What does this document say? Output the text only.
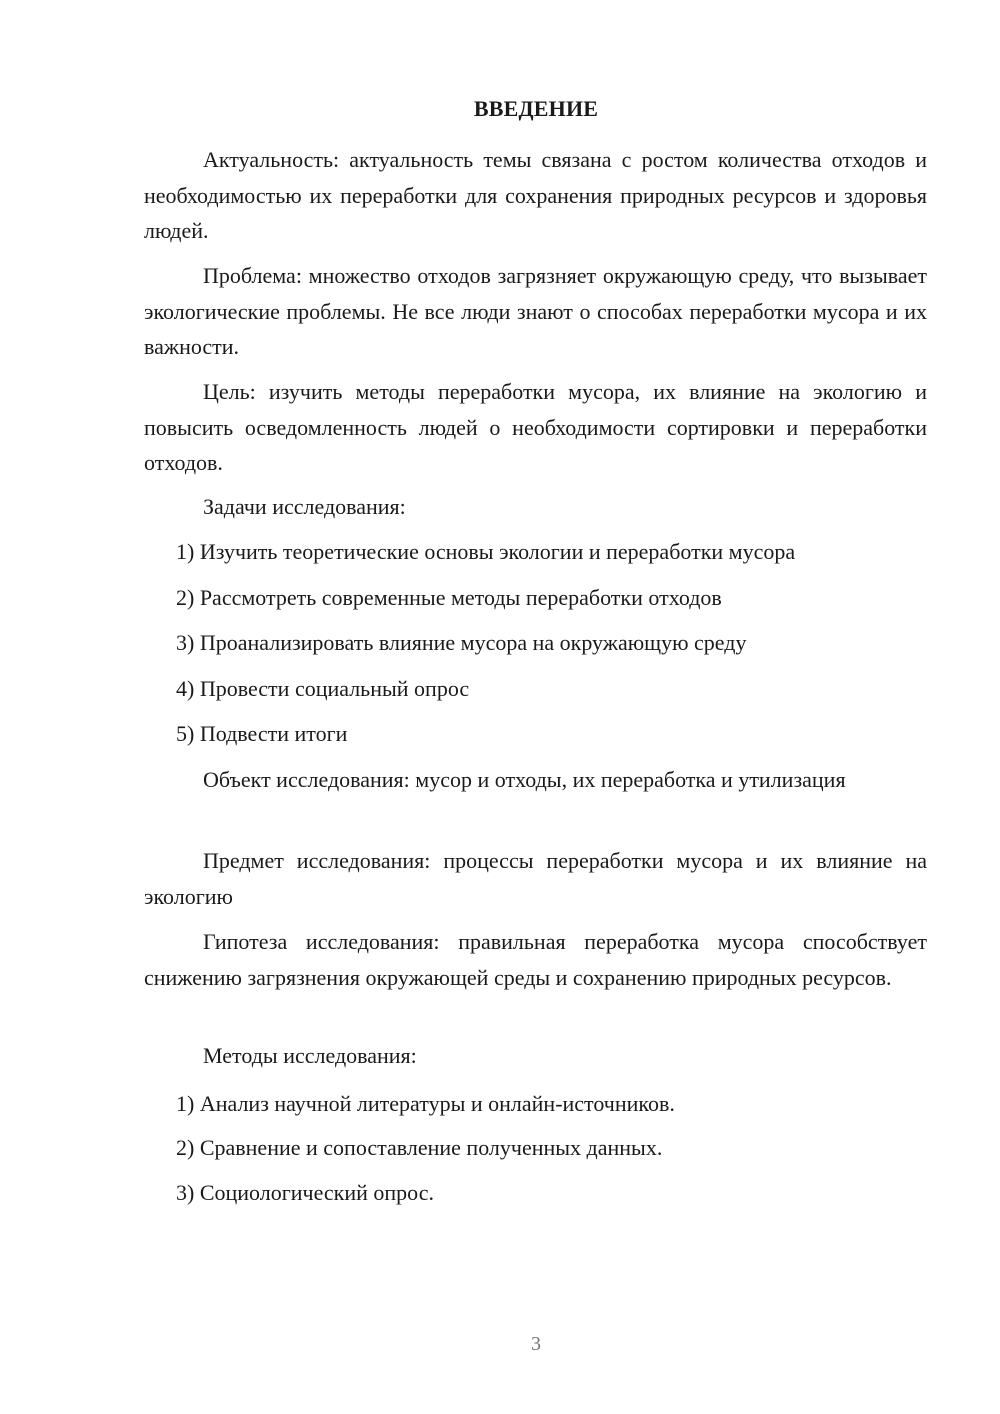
ВВЕДЕНИЕ
Актуальность: актуальность темы связана с ростом количества отходов и необходимостью их переработки для сохранения природных ресурсов и здоровья людей.
Проблема: множество отходов загрязняет окружающую среду, что вызывает экологические проблемы. Не все люди знают о способах переработки мусора и их важности.
Цель: изучить методы переработки мусора, их влияние на экологию и повысить осведомленность людей о необходимости сортировки и переработки отходов.
Задачи исследования:
1) Изучить теоретические основы экологии и переработки мусора
2) Рассмотреть современные методы переработки отходов
3) Проанализировать влияние мусора на окружающую среду
4) Провести социальный опрос
5) Подвести итоги
Объект исследования: мусор и отходы, их переработка и утилизация
Предмет исследования: процессы переработки мусора и их влияние на экологию
Гипотеза исследования: правильная переработка мусора способствует снижению загрязнения окружающей среды и сохранению природных ресурсов.
Методы исследования:
1) Анализ научной литературы и онлайн-источников.
2) Сравнение и сопоставление полученных данных.
3) Социологический опрос.
3
